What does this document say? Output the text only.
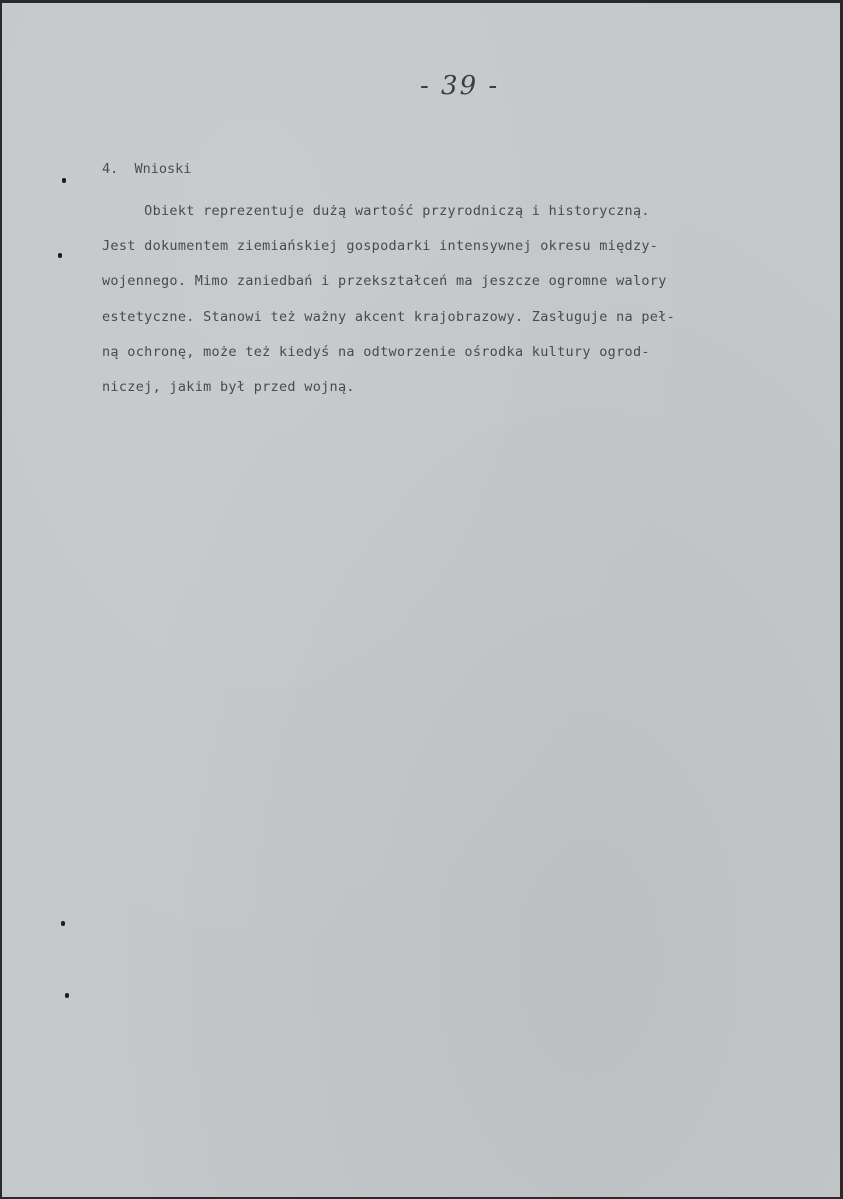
- 39 -
4.  Wnioski
Obiekt reprezentuje dużą wartość przyrodniczą i historyczną.
Jest dokumentem ziemiańskiej gospodarki intensywnej okresu między-
wojennego. Mimo zaniedbań i przekształceń ma jeszcze ogromne walory
estetyczne. Stanowi też ważny akcent krajobrazowy. Zasługuje na peł-
ną ochronę, może też kiedyś na odtworzenie ośrodka kultury ogrod-
niczej, jakim był przed wojną.
